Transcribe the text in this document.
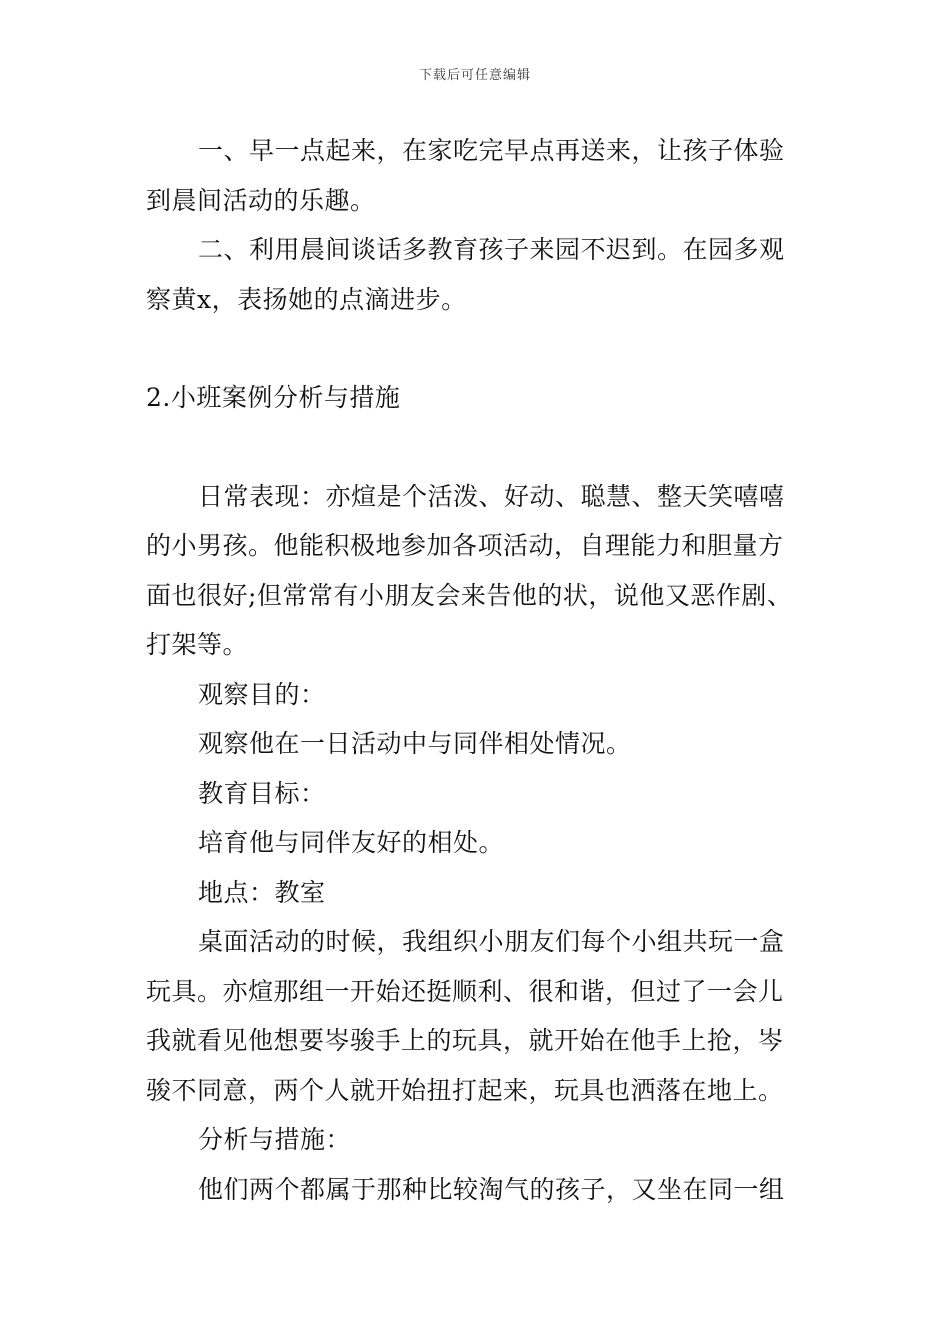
下载后可任意编辑

一、早一点起来，在家吃完早点再送来，让孩子体验到晨间活动的乐趣。

二、利用晨间谈话多教育孩子来园不迟到。在园多观察黄x，表扬她的点滴进步。

2.小班案例分析与措施

日常表现：亦煊是个活泼、好动、聪慧、整天笑嘻嘻的小男孩。他能积极地参加各项活动，自理能力和胆量方面也很好;但常常有小朋友会来告他的状，说他又恶作剧、打架等。

观察目的：

观察他在一日活动中与同伴相处情况。

教育目标：

培育他与同伴友好的相处。

地点：教室

桌面活动的时候，我组织小朋友们每个小组共玩一盒玩具。亦煊那组一开始还挺顺利、很和谐，但过了一会儿我就看见他想要岑骏手上的玩具，就开始在他手上抢，岑骏不同意，两个人就开始扭打起来，玩具也洒落在地上。

分析与措施：

他们两个都属于那种比较淘气的孩子，又坐在同一组
